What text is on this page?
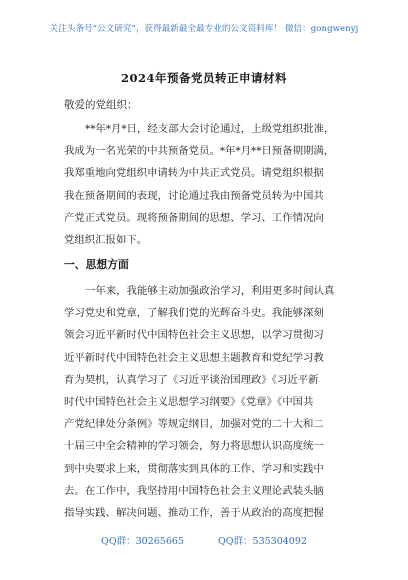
关注头条号“公文研究”，获得最新最全最专业的公文资料库！ 微信：gongwenyj
2024年预备党员转正申请材料
敬爱的党组织：
**年*月*日，经支部大会讨论通过，上级党组织批准，
我成为一名光荣的中共预备党员。*年*月**日预备期期满，
我郑重地向党组织申请转为中共正式党员。请党组织根据
我在预备期间的表现，讨论通过我由预备党员转为中国共
产党正式党员。现将预备期间的思想、学习、工作情况向
党组织汇报如下。
一、思想方面
一年来，我能够主动加强政治学习，利用更多时间认真
学习党史和党章，了解我们党的光辉奋斗史。我能够深刻
领会习近平新时代中国特色社会主义思想，以学习贯彻习
近平新时代中国特色社会主义思想主题教育和党纪学习教
育为契机，认真学习了《习近平谈治国理政》《习近平新
时代中国特色社会主义思想学习纲要》《党章》《中国共
产党纪律处分条例》等规定纲目，加强对党的二十大和二
十届三中全会精神的学习领会，努力将思想认识高度统一
到中央要求上来，贯彻落实到具体的工作、学习和实践中
去。在工作中，我坚持用中国特色社会主义理论武装头脑
指导实践、解决问题、推动工作，善于从政治的高度把握
QQ群：30265665	QQ群：535304092
